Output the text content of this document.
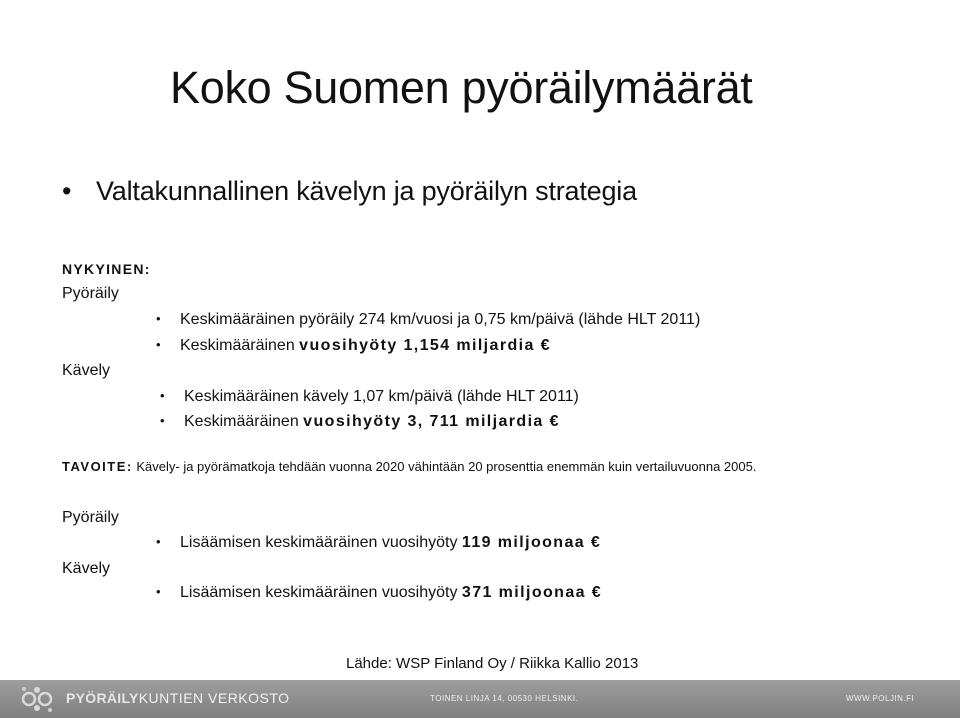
Koko Suomen pyöräilymäärät
• Valtakunnallinen kävelyn ja pyöräilyn strategia
NYKYINEN:
Pyöräily
• Keskimääräinen pyöräily 274 km/vuosi ja 0,75 km/päivä (lähde HLT 2011)
• Keskimääräinen vuosihyöty 1,154 miljardia €
Kävely
• Keskimääräinen kävely 1,07 km/päivä (lähde HLT 2011)
• Keskimääräinen vuosihyöty 3, 711 miljardia €
TAVOITE: Kävely- ja pyörämatkoja tehdään vuonna 2020 vähintään 20 prosenttia enemmän kuin vertailuvuonna 2005.
Pyöräily
• Lisäämisen keskimääräinen vuosihyöty 119 miljoonaa €
Kävely
• Lisäämisen keskimääräinen vuosihyöty 371 miljoonaa €
Lähde: WSP Finland Oy / Riikka Kallio 2013
PYÖRÄILYKUNTIEN VERKOSTO	TOINEN LINJA 14, 00530 HELSINKI.	WWW.POLJIN.FI
